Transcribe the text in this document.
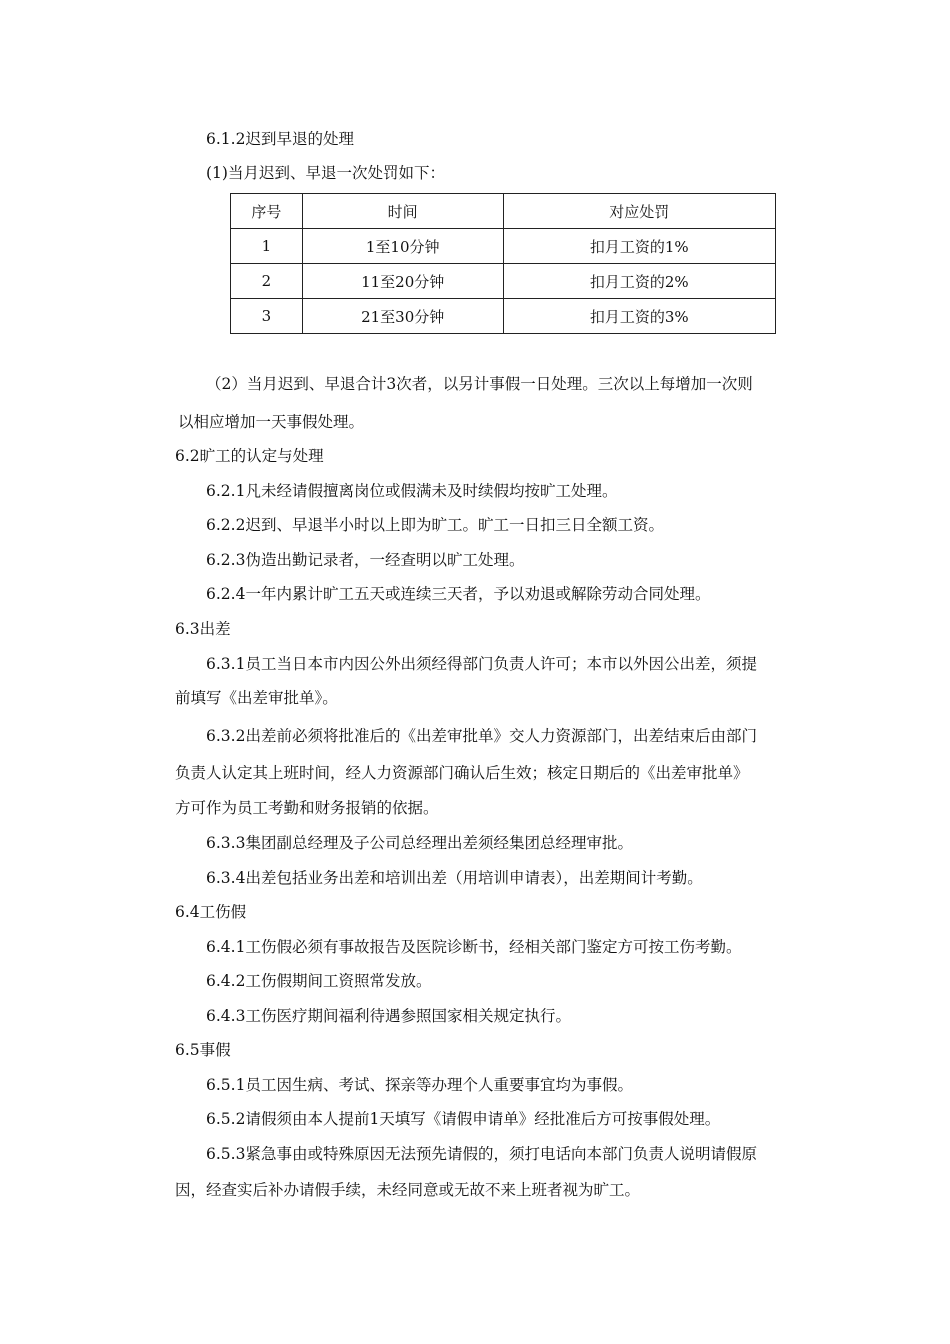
6.1.2迟到早退的处理
(1)当月迟到、早退一次处罚如下：
序号	时间	对应处罚
1	1至10分钟	扣月工资的1%
2	11至20分钟	扣月工资的2%
3	21至30分钟	扣月工资的3%
（2）当月迟到、早退合计3次者，以另计事假一日处理。三次以上每增加一次则
以相应增加一天事假处理。
6.2旷工的认定与处理
6.2.1凡未经请假擅离岗位或假满未及时续假均按旷工处理。
6.2.2迟到、早退半小时以上即为旷工。旷工一日扣三日全额工资。
6.2.3伪造出勤记录者，一经查明以旷工处理。
6.2.4一年内累计旷工五天或连续三天者，予以劝退或解除劳动合同处理。
6.3出差
6.3.1员工当日本市内因公外出须经得部门负责人许可；本市以外因公出差，须提
前填写《出差审批单》。
6.3.2出差前必须将批准后的《出差审批单》交人力资源部门，出差结束后由部门
负责人认定其上班时间，经人力资源部门确认后生效；核定日期后的《出差审批单》
方可作为员工考勤和财务报销的依据。
6.3.3集团副总经理及子公司总经理出差须经集团总经理审批。
6.3.4出差包括业务出差和培训出差（用培训申请表），出差期间计考勤。
6.4工伤假
6.4.1工伤假必须有事故报告及医院诊断书，经相关部门鉴定方可按工伤考勤。
6.4.2工伤假期间工资照常发放。
6.4.3工伤医疗期间福利待遇参照国家相关规定执行。
6.5事假
6.5.1员工因生病、考试、探亲等办理个人重要事宜均为事假。
6.5.2请假须由本人提前1天填写《请假申请单》经批准后方可按事假处理。
6.5.3紧急事由或特殊原因无法预先请假的，须打电话向本部门负责人说明请假原
因，经查实后补办请假手续，未经同意或无故不来上班者视为旷工。
